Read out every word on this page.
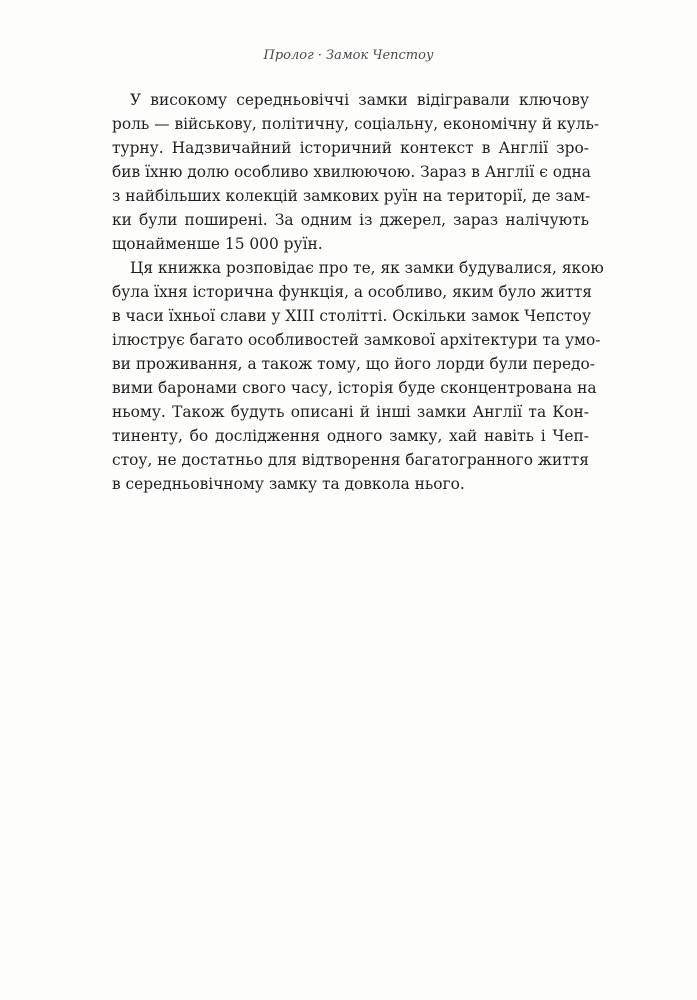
Пролог · Замок Чепстоу
У високому середньовіччі замки відігравали ключову
роль — військову, політичну, соціальну, економічну й куль-
турну. Надзвичайний історичний контекст в Англії зро-
бив їхню долю особливо хвилюючою. Зараз в Англії є одна
з найбільших колекцій замкових руїн на території, де зам-
ки були поширені. За одним із джерел, зараз налічують
щонайменше 15 000 руїн.
Ця книжка розповідає про те, як замки будувалися, якою
була їхня історична функція, а особливо, яким було життя
в часи їхньої слави у XIII столітті. Оскільки замок Чепстоу
ілюструє багато особливостей замкової архітектури та умо-
ви проживання, а також тому, що його лорди були передо-
вими баронами свого часу, історія буде сконцентрована на
ньому. Також будуть описані й інші замки Англії та Кон-
тиненту, бо дослідження одного замку, хай навіть і Чеп-
стоу, не достатньо для відтворення багатогранного життя
в середньовічному замку та довкола нього.
